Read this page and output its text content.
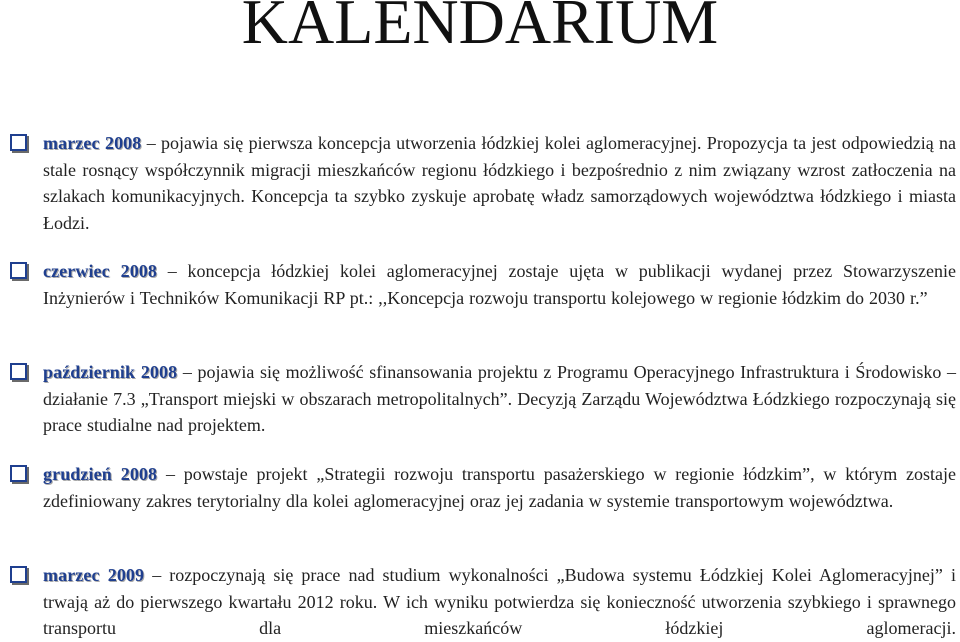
KALENDARIUM
marzec 2008 – pojawia się pierwsza koncepcja utworzenia łódzkiej kolei aglomeracyjnej. Propozycja ta jest odpowiedzią na stale rosnący współczynnik migracji mieszkańców regionu łódzkiego i bezpośrednio z nim związany wzrost zatłoczenia na szlakach komunikacyjnych. Koncepcja ta szybko zyskuje aprobatę władz samorządowych województwa łódzkiego i miasta Łodzi.
czerwiec 2008 – koncepcja łódzkiej kolei aglomeracyjnej zostaje ujęta w publikacji wydanej przez Stowarzyszenie Inżynierów i Techników Komunikacji RP pt.: ,,Koncepcja rozwoju transportu kolejowego w regionie łódzkim do 2030 r.”
październik 2008 – pojawia się możliwość sfinansowania projektu z Programu Operacyjnego Infrastruktura i Środowisko – działanie 7.3 „Transport miejski w obszarach metropolitalnych”. Decyzją Zarządu Województwa Łódzkiego rozpoczynają się prace studialne nad projektem.
grudzień 2008 – powstaje projekt „Strategii rozwoju transportu pasażerskiego w regionie łódzkim”, w którym zostaje zdefiniowany zakres terytorialny dla kolei aglomeracyjnej oraz jej zadania w systemie transportowym województwa.
marzec 2009 – rozpoczynają się prace nad studium wykonalności „Budowa systemu Łódzkiej Kolei Aglomeracyjnej” i trwają aż do pierwszego kwartału 2012 roku. W ich wyniku potwierdza się konieczność utworzenia szybkiego i sprawnego transportu dla mieszkańców łódzkiej aglomeracji.
